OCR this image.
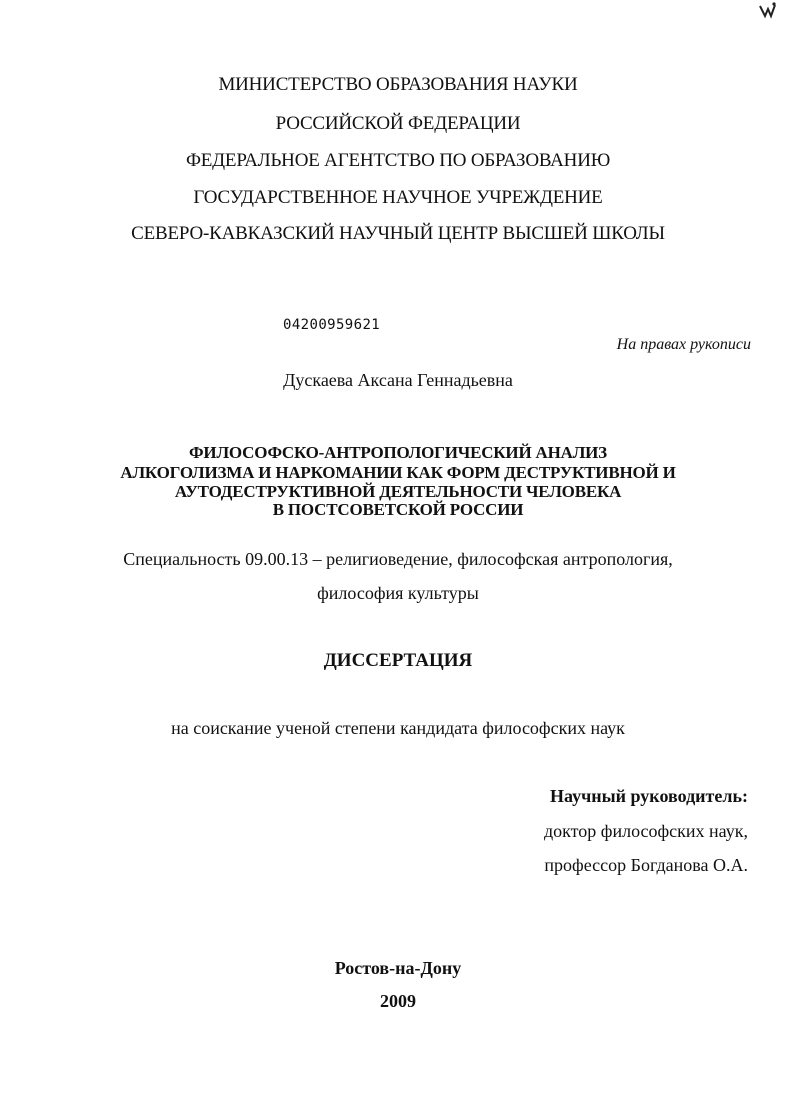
МИНИСТЕРСТВО ОБРАЗОВАНИЯ НАУКИ
РОССИЙСКОЙ ФЕДЕРАЦИИ
ФЕДЕРАЛЬНОЕ АГЕНТСТВО ПО ОБРАЗОВАНИЮ
ГОСУДАРСТВЕННОЕ НАУЧНОЕ УЧРЕЖДЕНИЕ
СЕВЕРО-КАВКАЗСКИЙ НАУЧНЫЙ ЦЕНТР ВЫСШЕЙ ШКОЛЫ
04200959621
На правах рукописи
Дускаева Аксана Геннадьевна
ФИЛОСОФСКО-АНТРОПОЛОГИЧЕСКИЙ АНАЛИЗ
АЛКОГОЛИЗМА И НАРКОМАНИИ КАК ФОРМ ДЕСТРУКТИВНОЙ И
АУТОДЕСТРУКТИВНОЙ ДЕЯТЕЛЬНОСТИ ЧЕЛОВЕКА
В ПОСТСОВЕТСКОЙ РОССИИ
Специальность 09.00.13 – религиоведение, философская антропология,
философия культуры
ДИССЕРТАЦИЯ
на соискание ученой степени кандидата философских наук
Научный руководитель:
доктор философских наук,
профессор Богданова О.А.
Ростов-на-Дону
2009
